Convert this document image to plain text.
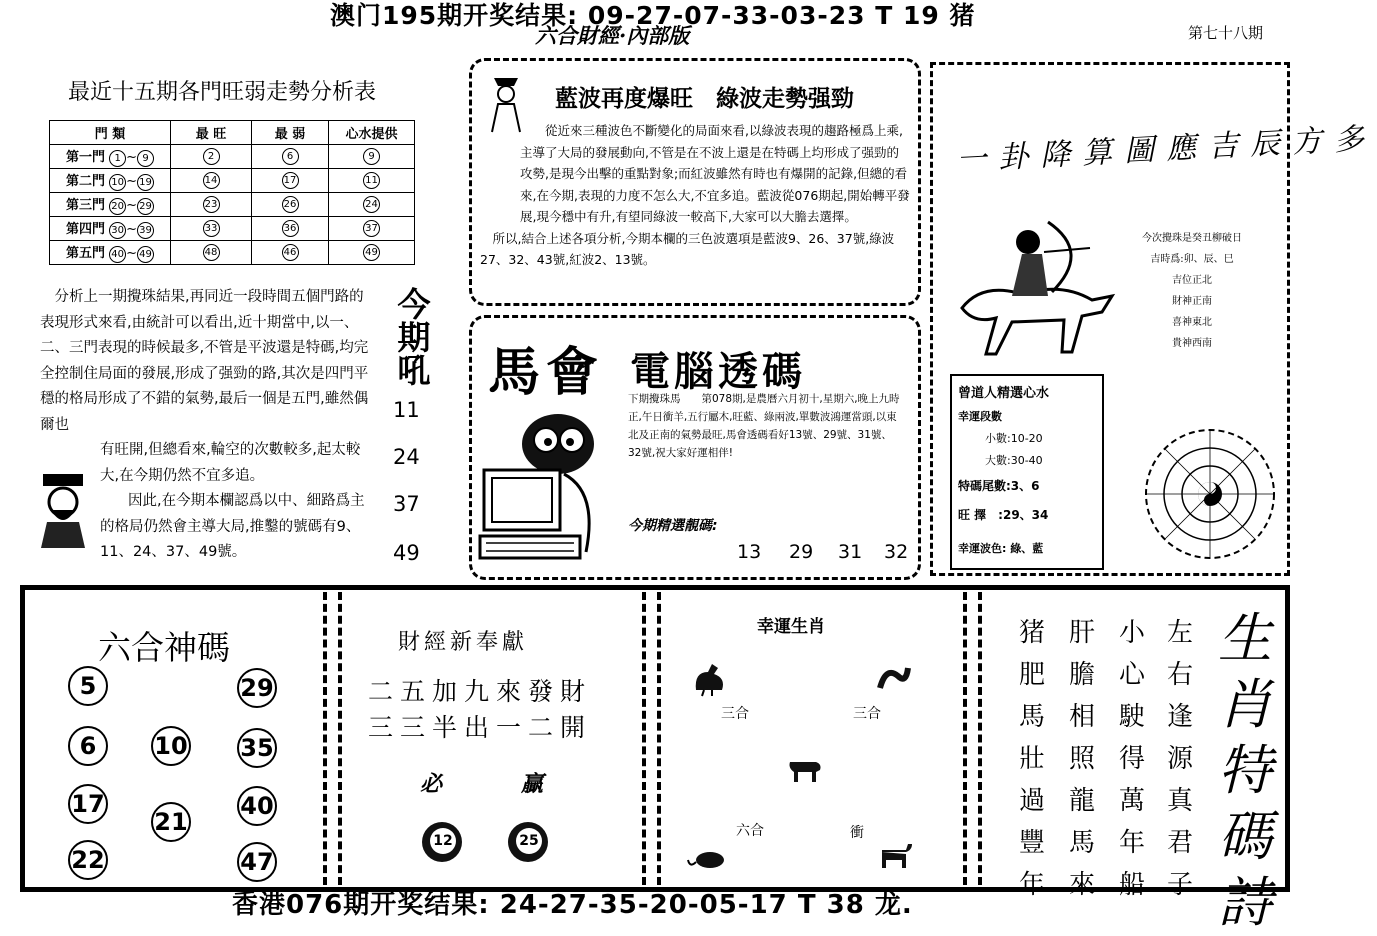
澳门195期开奖结果: 09-27-07-33-03-23 T 19 猪
六合財經·內部版	第七十八期
最近十五期各門旺弱走勢分析表
門 類	最 旺	最 弱	心水提供
第一門 1 ~ 9	2	6	9
第二門 10 ~ 19	14	17	11
第三門 20 ~ 29	23	26	24
第四門 30 ~ 39	33	36	37
第五門 40 ~ 49	48	46	49

　分析上一期攪珠結果,再同近一段時間五個門路的表現形式來看,由統計可以看出,近十期當中,以一、二、三門表現的時候最多,不管是平波還是特碼,均完全控制住局面的發展,形成了强勁的路,其次是四門平穩的格局形成了不錯的氣勢,最后一個是五門,雖然偶爾也

有旺開,但總看來,輪空的次數較多,起太較大,在今期仍然不宜多追。

因此,在今期本欄認爲以中、細路爲主的格局仍然會主導大局,推鑿的號碼有9、11、24、37、49號。

今期吼
11
24
37
49
藍波再度爆旺　綠波走勢强勁

　　從近來三種波色不斷變化的局面來看,以綠波表現的趨路極爲上乘,主導了大局的發展動向,不管是在不波上還是在特碼上均形成了强勁的攻勢,是現今出擊的重點對象;而紅波雖然有時也有爆開的記錄,但總的看來,在今期,表現的力度不怎么大,不宜多追。藍波從076期起,開始轉平發展,現今穩中有升,有望同綠波一較高下,大家可以大膽去選擇。

　所以,結合上述各項分析,今期本欄的三色波選項是藍波9、26、37號,綠波27、32、43號,紅波2、13號。

馬會 電腦透碼
下期攪珠馬　　第078期,是農曆六月初十,星期六,晚上九時正,午日衝羊,五行屬木,旺藍、綠兩波,單數波鴻運當頭,以東北及正南的氣勢最旺,馬會透碼看好13號、29號、31號、32號,祝大家好運相伴!
今期精選靚碼:
13 29 31 32
一卦降算圖應吉辰方多
今次攪珠是癸丑柳破日
吉時爲:卯、辰、巳
吉位正北
財神正南
喜神東北
貴神西南
曾道人精選心水
幸運段數
小數:10-20
大數:30-40
特碼尾數:3、6
旺 擇　:29、34
幸運波色: 綠、藍
六合神碼
5	29
6	10 35
17
21
40
22	47
財經新奉獻
二五加九來發財
三三半出一二開
必	贏
12	25
幸運生肖
三合	三合
六合	衝
猪肥馬壯過豐年
肝膽相照龍馬來
小心駛得萬年船
左右逢源真君子
生肖特碼詩
香港076期开奖结果: 24-27-35-20-05-17 T 38 龙.
